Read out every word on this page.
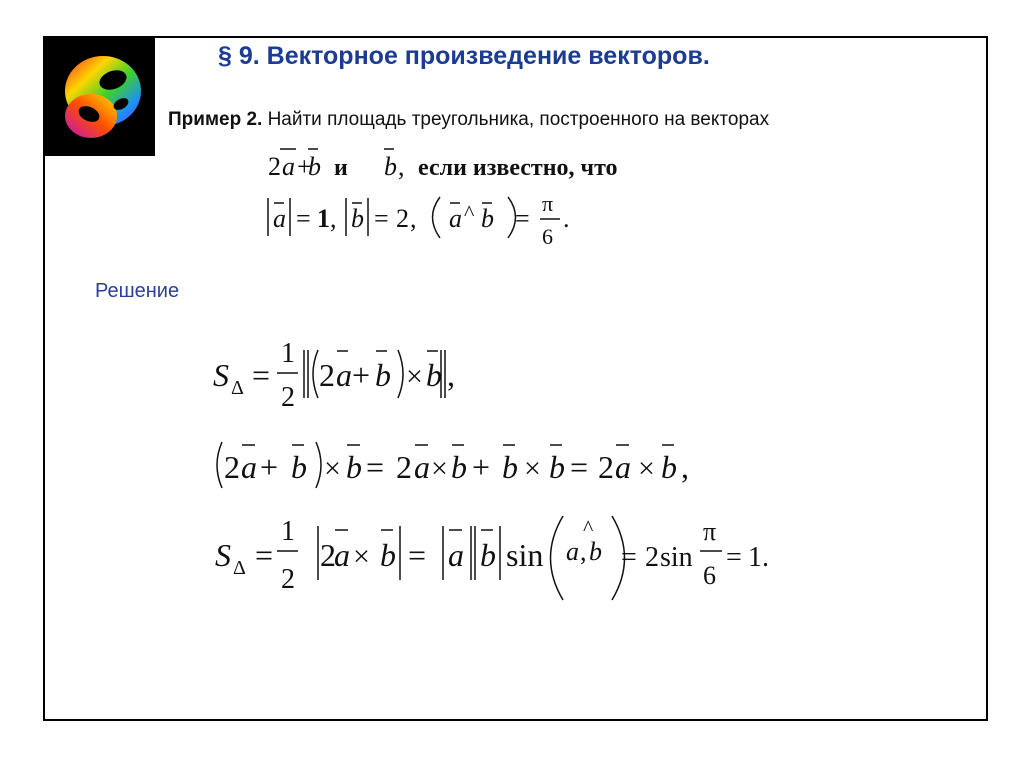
§ 9. Векторное произведение векторов.
Пример 2. Найти площадь треугольника, построенного на векторах
Решение
2 a +
b и b , если известно, что
a = 1 , b = 2 , a ^ b =
π
6
.
S Δ =
1
2
2 a + b × b ,
2 a + b × b = 2 a × b + b × b = 2 a × b ,
S Δ =
1
2
2
a × b = a b sin
^
a , b = 2 sin
π
6
= 1.
